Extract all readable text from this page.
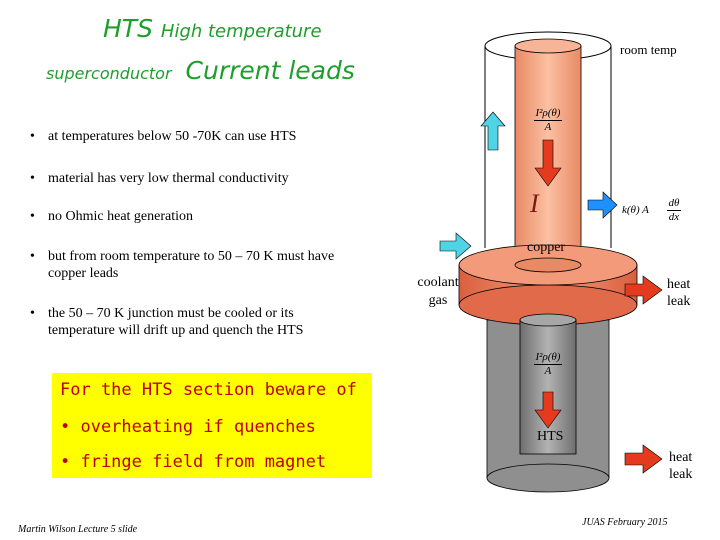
HTS High temperature
superconductor Current leads
• at temperatures below 50 -70K can use HTS
• material has very low thermal conductivity
• no Ohmic heat generation
• but from room temperature to 50 – 70 K must have copper leads
• the 50 – 70 K junction must be cooled or its temperature will drift up and quench the HTS
For the HTS section beware of
• overheating if quenches
• fringe field from magnet
room temp
copper
coolant
gas
heat
leak
heat
leak
HTS
I
$\frac{\text{I²ρ(θ)}}{A}$
$\frac{\text{I²ρ(θ)}}{A}$
k(θ) A $\frac{d\theta}{dx}$
Martin Wilson Lecture 5 slide
JUAS February 2015
